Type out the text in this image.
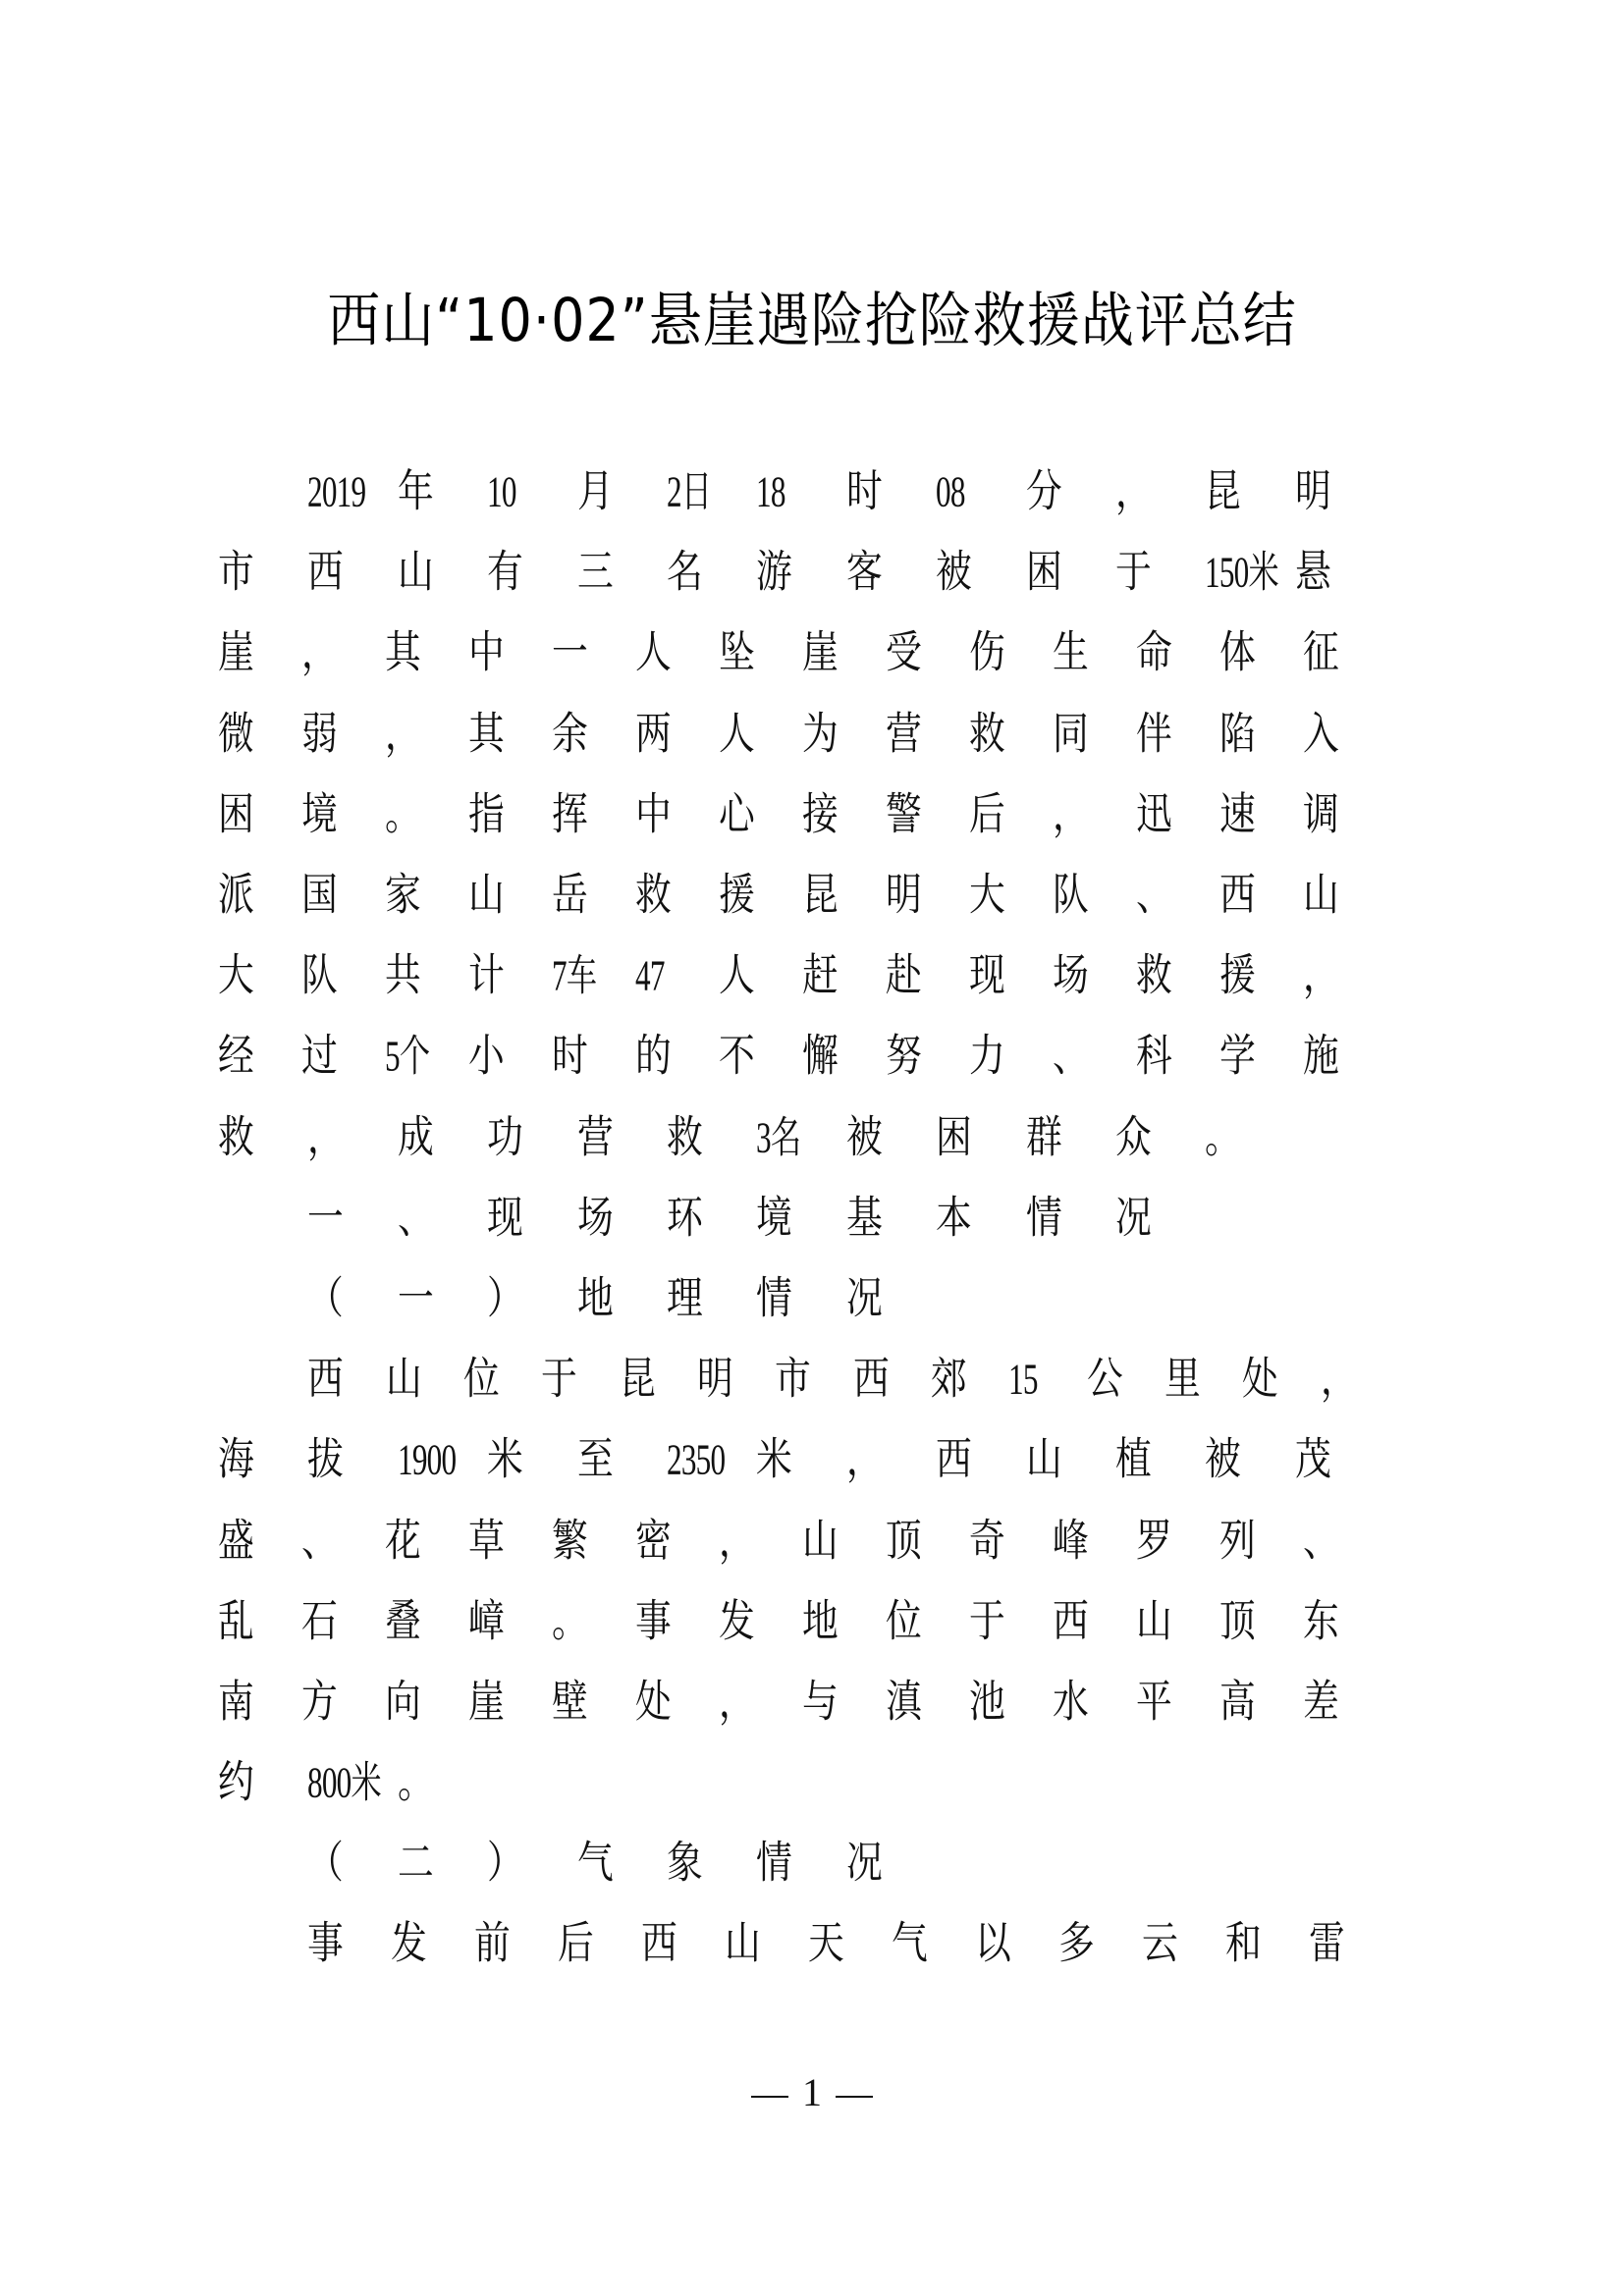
西山“10·02”悬崖遇险抢险救援战评总结
2019 年	10	月	2日	18	时	08	分	，	昆	明
市	西	山	有	三	名	游	客	被	困	于	150米 悬
崖	，	其	中	一	人	坠	崖	受	伤	生	命	体	征
微	弱	，	其	余	两	人	为	营	救	同	伴	陷	入
困	境	。	指	挥	中	心	接	警	后	，	迅	速	调
派	国	家	山	岳	救	援	昆	明	大	队	、	西	山
大	队	共	计	7车 47	人	赶	赴	现	场	救	援	，
经	过	5个 小	时	的	不	懈	努	力	、	科	学	施
救	，	成	功	营	救	3名	被	困	群	众	。
一	、	现	场	环	境	基	本	情	况
（	一	）	地	理	情	况
西	山	位	于	昆	明	市	西	郊	15	公	里	处	，
海	拔	1900 米	至	2350 米	，	西	山	植	被	茂
盛	、	花	草	繁	密	，	山	顶	奇	峰	罗	列	、
乱	石	叠	嶂	。	事	发	地	位	于	西	山	顶	东
南	方	向	崖	壁	处	，	与	滇	池	水	平	高	差
约	800米 。
（	二	）	气	象	情	况
事	发	前	后	西	山	天	气	以	多	云	和	雷
1
